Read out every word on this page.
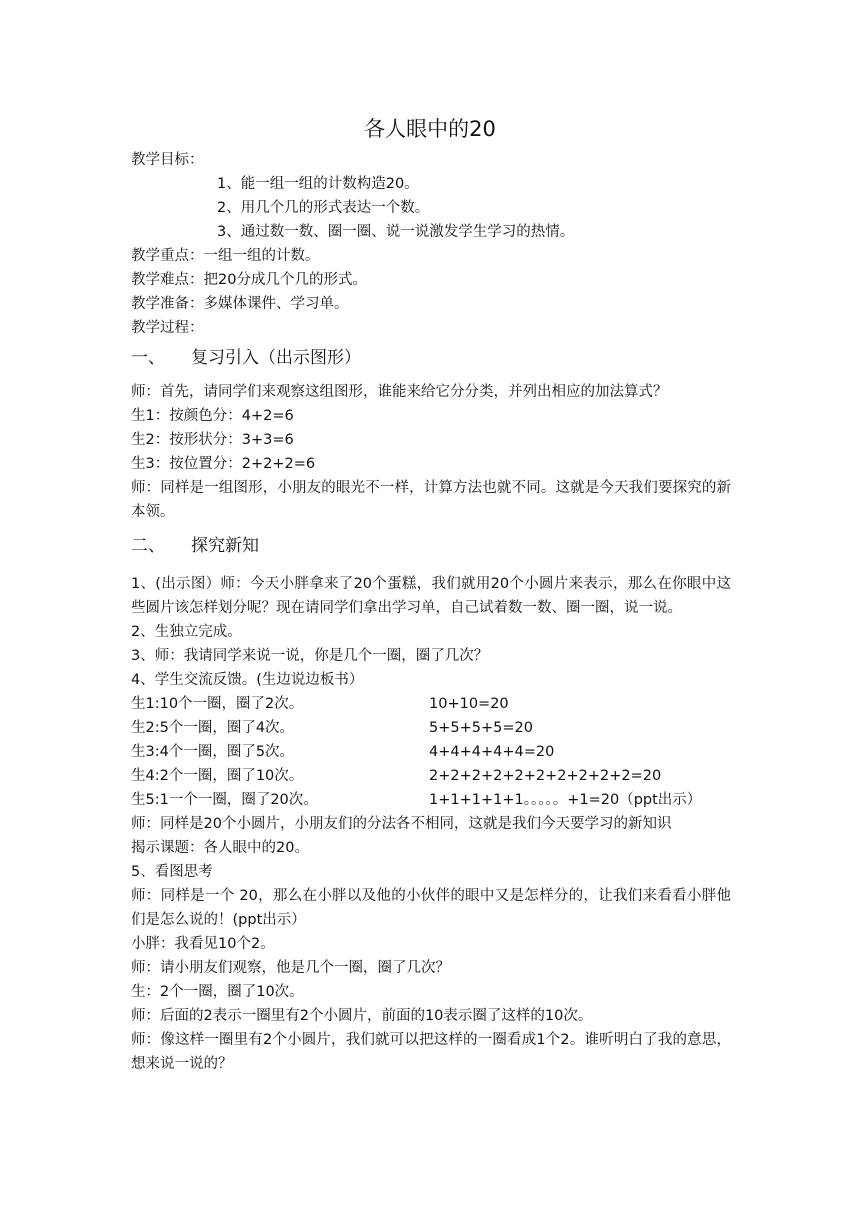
各人眼中的20
教学目标：
1、能一组一组的计数构造20。
2、用几个几的形式表达一个数。
3、通过数一数、圈一圈、说一说激发学生学习的热情。
教学重点：一组一组的计数。
教学难点：把20分成几个几的形式。
教学准备：多媒体课件、学习单。
教学过程：
一、 复习引入（出示图形）
师：首先，请同学们来观察这组图形，谁能来给它分分类，并列出相应的加法算式？
生1：按颜色分：4+2=6
生2：按形状分：3+3=6
生3：按位置分：2+2+2=6
师：同样是一组图形，小朋友的眼光不一样，计算方法也就不同。这就是今天我们要探究的新本领。
二、 探究新知
1、(出示图）师：今天小胖拿来了20个蛋糕，我们就用20个小圆片来表示，那么在你眼中这些圆片该怎样划分呢？现在请同学们拿出学习单，自己试着数一数、圈一圈，说一说。
2、生独立完成。
3、师：我请同学来说一说，你是几个一圈，圈了几次？
4、学生交流反馈。(生边说边板书）
生1:10个一圈，圈了2次。	10+10=20
生2:5个一圈，圈了4次。	5+5+5+5=20
生3:4个一圈，圈了5次。	4+4+4+4+4=20
生4:2个一圈，圈了10次。	2+2+2+2+2+2+2+2+2+2=20
生5:1一个一圈，圈了20次。	1+1+1+1+1。。。。。+1=20（ppt出示）
师：同样是20个小圆片，小朋友们的分法各不相同，这就是我们今天要学习的新知识
揭示课题：各人眼中的20。
5、看图思考
师：同样是一个 20，那么在小胖以及他的小伙伴的眼中又是怎样分的，让我们来看看小胖他们是怎么说的！(ppt出示）
小胖：我看见10个2。
师：请小朋友们观察，他是几个一圈，圈了几次？
生：2个一圈，圈了10次。
师：后面的2表示一圈里有2个小圆片，前面的10表示圈了这样的10次。
师：像这样一圈里有2个小圆片，我们就可以把这样的一圈看成1个2。谁听明白了我的意思，想来说一说的？
